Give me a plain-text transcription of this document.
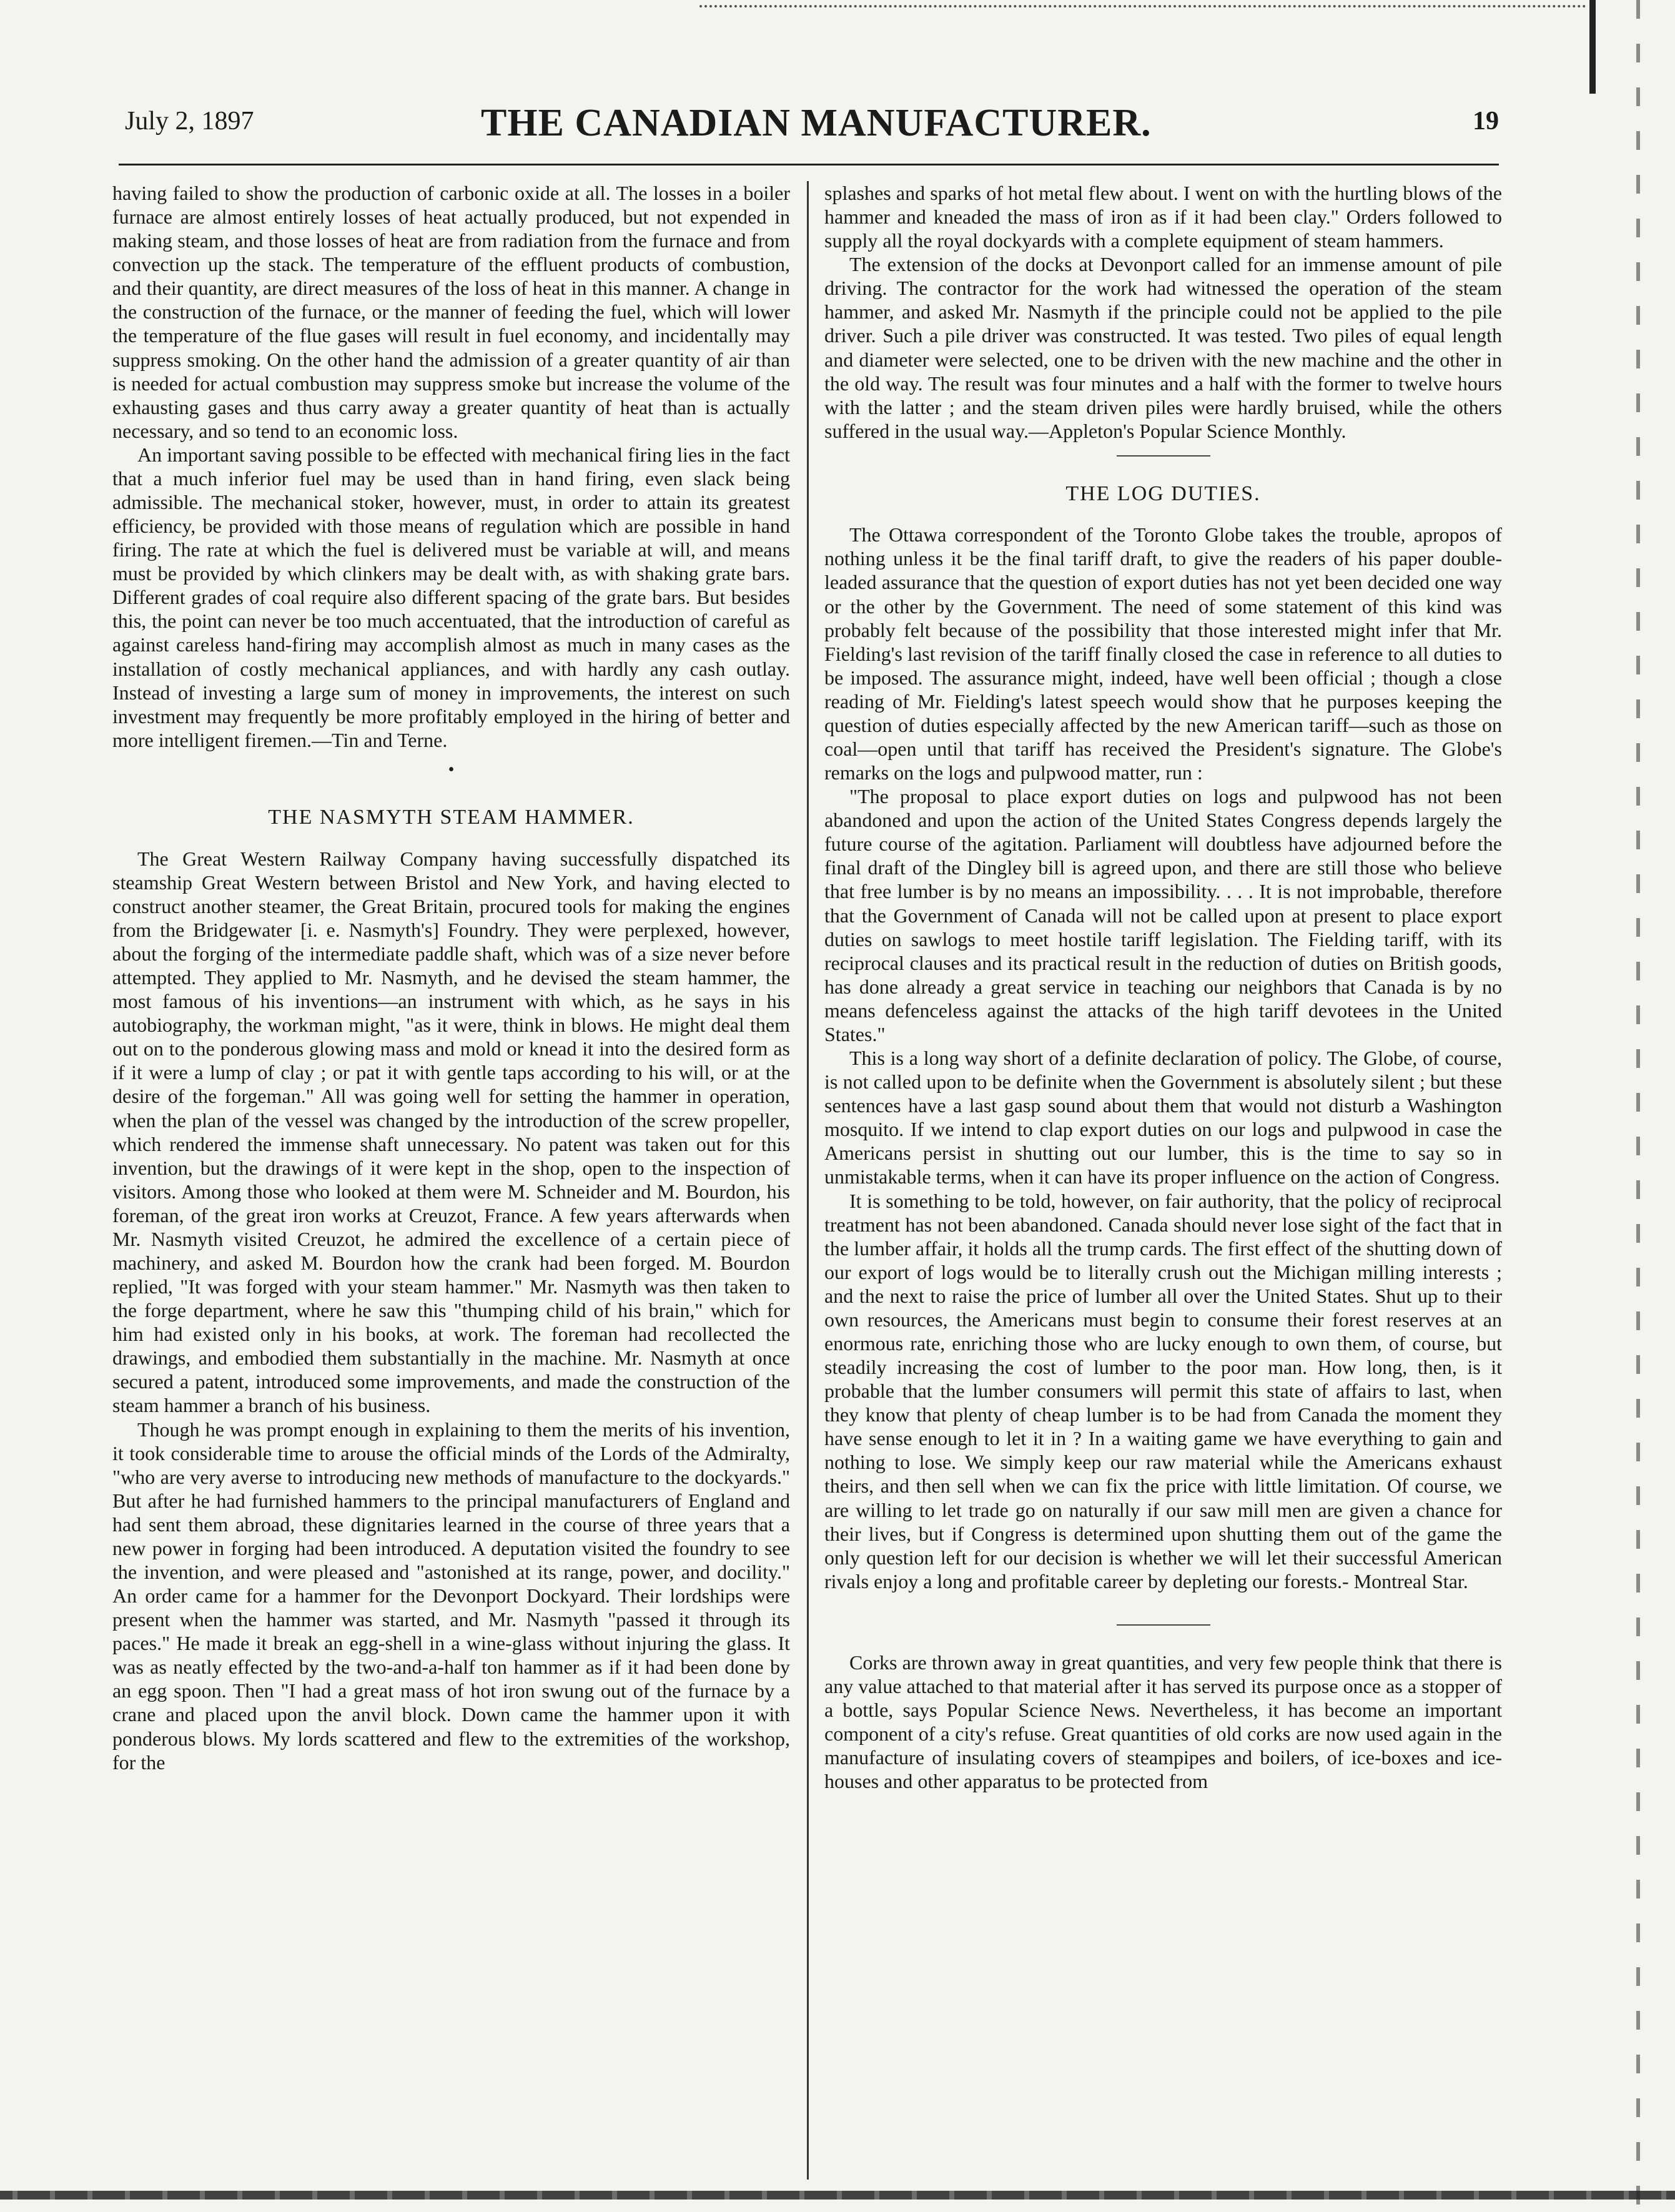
July 2, 1897	THE CANADIAN MANUFACTURER.	19

having failed to show the production of carbonic oxide at all. The losses in a boiler furnace are almost entirely losses of heat actually produced, but not expended in making steam, and those losses of heat are from radiation from the furnace and from convection up the stack. The temperature of the effluent products of combustion, and their quantity, are direct measures of the loss of heat in this manner. A change in the construction of the furnace, or the manner of feeding the fuel, which will lower the temperature of the flue gases will result in fuel economy, and incidentally may suppress smoking. On the other hand the admission of a greater quantity of air than is needed for actual combustion may suppress smoke but increase the volume of the exhausting gases and thus carry away a greater quantity of heat than is actually necessary, and so tend to an economic loss.

An important saving possible to be effected with mechanical firing lies in the fact that a much inferior fuel may be used than in hand firing, even slack being admissible. The mechanical stoker, however, must, in order to attain its greatest efficiency, be provided with those means of regulation which are possible in hand firing. The rate at which the fuel is delivered must be variable at will, and means must be provided by which clinkers may be dealt with, as with shaking grate bars. Different grades of coal require also different spacing of the grate bars. But besides this, the point can never be too much accentuated, that the introduction of careful as against careless hand-firing may accomplish almost as much in many cases as the installation of costly mechanical appliances, and with hardly any cash outlay. Instead of investing a large sum of money in improvements, the interest on such investment may frequently be more profitably employed in the hiring of better and more intelligent firemen.—Tin and Terne.

•
THE NASMYTH STEAM HAMMER.

The Great Western Railway Company having successfully dispatched its steamship Great Western between Bristol and New York, and having elected to construct another steamer, the Great Britain, procured tools for making the engines from the Bridgewater [i. e. Nasmyth's] Foundry. They were perplexed, however, about the forging of the intermediate paddle shaft, which was of a size never before attempted. They applied to Mr. Nasmyth, and he devised the steam hammer, the most famous of his inventions—an instrument with which, as he says in his autobiography, the workman might, "as it were, think in blows. He might deal them out on to the ponderous glowing mass and mold or knead it into the desired form as if it were a lump of clay ; or pat it with gentle taps according to his will, or at the desire of the forgeman." All was going well for setting the hammer in operation, when the plan of the vessel was changed by the introduction of the screw propeller, which rendered the immense shaft unnecessary. No patent was taken out for this invention, but the drawings of it were kept in the shop, open to the inspection of visitors. Among those who looked at them were M. Schneider and M. Bourdon, his foreman, of the great iron works at Creuzot, France. A few years afterwards when Mr. Nasmyth visited Creuzot, he admired the excellence of a certain piece of machinery, and asked M. Bourdon how the crank had been forged. M. Bourdon replied, "It was forged with your steam hammer." Mr. Nasmyth was then taken to the forge department, where he saw this "thumping child of his brain," which for him had existed only in his books, at work. The foreman had recollected the drawings, and embodied them substantially in the machine. Mr. Nasmyth at once secured a patent, introduced some improvements, and made the construction of the steam hammer a branch of his business.

Though he was prompt enough in explaining to them the merits of his invention, it took considerable time to arouse the official minds of the Lords of the Admiralty, "who are very averse to introducing new methods of manufacture to the dockyards." But after he had furnished hammers to the principal manufacturers of England and had sent them abroad, these dignitaries learned in the course of three years that a new power in forging had been introduced. A deputation visited the foundry to see the invention, and were pleased and "astonished at its range, power, and docility." An order came for a hammer for the Devonport Dockyard. Their lordships were present when the hammer was started, and Mr. Nasmyth "passed it through its paces." He made it break an egg-shell in a wine-glass without injuring the glass. It was as neatly effected by the two-and-a-half ton hammer as if it had been done by an egg spoon. Then "I had a great mass of hot iron swung out of the furnace by a crane and placed upon the anvil block. Down came the hammer upon it with ponderous blows. My lords scattered and flew to the extremities of the workshop, for the

splashes and sparks of hot metal flew about. I went on with the hurtling blows of the hammer and kneaded the mass of iron as if it had been clay." Orders followed to supply all the royal dockyards with a complete equipment of steam hammers.

The extension of the docks at Devonport called for an immense amount of pile driving. The contractor for the work had witnessed the operation of the steam hammer, and asked Mr. Nasmyth if the principle could not be applied to the pile driver. Such a pile driver was constructed. It was tested. Two piles of equal length and diameter were selected, one to be driven with the new machine and the other in the old way. The result was four minutes and a half with the former to twelve hours with the latter ; and the steam driven piles were hardly bruised, while the others suffered in the usual way.—Appleton's Popular Science Monthly.

THE LOG DUTIES.

The Ottawa correspondent of the Toronto Globe takes the trouble, apropos of nothing unless it be the final tariff draft, to give the readers of his paper double-leaded assurance that the question of export duties has not yet been decided one way or the other by the Government. The need of some statement of this kind was probably felt because of the possibility that those interested might infer that Mr. Fielding's last revision of the tariff finally closed the case in reference to all duties to be imposed. The assurance might, indeed, have well been official ; though a close reading of Mr. Fielding's latest speech would show that he purposes keeping the question of duties especially affected by the new American tariff—such as those on coal—open until that tariff has received the President's signature. The Globe's remarks on the logs and pulpwood matter, run :

"The proposal to place export duties on logs and pulpwood has not been abandoned and upon the action of the United States Congress depends largely the future course of the agitation. Parliament will doubtless have adjourned before the final draft of the Dingley bill is agreed upon, and there are still those who believe that free lumber is by no means an impossibility. . . . It is not improbable, therefore that the Government of Canada will not be called upon at present to place export duties on sawlogs to meet hostile tariff legislation. The Fielding tariff, with its reciprocal clauses and its practical result in the reduction of duties on British goods, has done already a great service in teaching our neighbors that Canada is by no means defenceless against the attacks of the high tariff devotees in the United States."

This is a long way short of a definite declaration of policy. The Globe, of course, is not called upon to be definite when the Government is absolutely silent ; but these sentences have a last gasp sound about them that would not disturb a Washington mosquito. If we intend to clap export duties on our logs and pulpwood in case the Americans persist in shutting out our lumber, this is the time to say so in unmistakable terms, when it can have its proper influence on the action of Congress.

It is something to be told, however, on fair authority, that the policy of reciprocal treatment has not been abandoned. Canada should never lose sight of the fact that in the lumber affair, it holds all the trump cards. The first effect of the shutting down of our export of logs would be to literally crush out the Michigan milling interests ; and the next to raise the price of lumber all over the United States. Shut up to their own resources, the Americans must begin to consume their forest reserves at an enormous rate, enriching those who are lucky enough to own them, of course, but steadily increasing the cost of lumber to the poor man. How long, then, is it probable that the lumber consumers will permit this state of affairs to last, when they know that plenty of cheap lumber is to be had from Canada the moment they have sense enough to let it in ? In a waiting game we have everything to gain and nothing to lose. We simply keep our raw material while the Americans exhaust theirs, and then sell when we can fix the price with little limitation. Of course, we are willing to let trade go on naturally if our saw mill men are given a chance for their lives, but if Congress is determined upon shutting them out of the game the only question left for our decision is whether we will let their successful American rivals enjoy a long and profitable career by depleting our forests.- Montreal Star.

Corks are thrown away in great quantities, and very few people think that there is any value attached to that material after it has served its purpose once as a stopper of a bottle, says Popular Science News. Nevertheless, it has become an important component of a city's refuse. Great quantities of old corks are now used again in the manufacture of insulating covers of steampipes and boilers, of ice-boxes and ice-houses and other apparatus to be protected from
